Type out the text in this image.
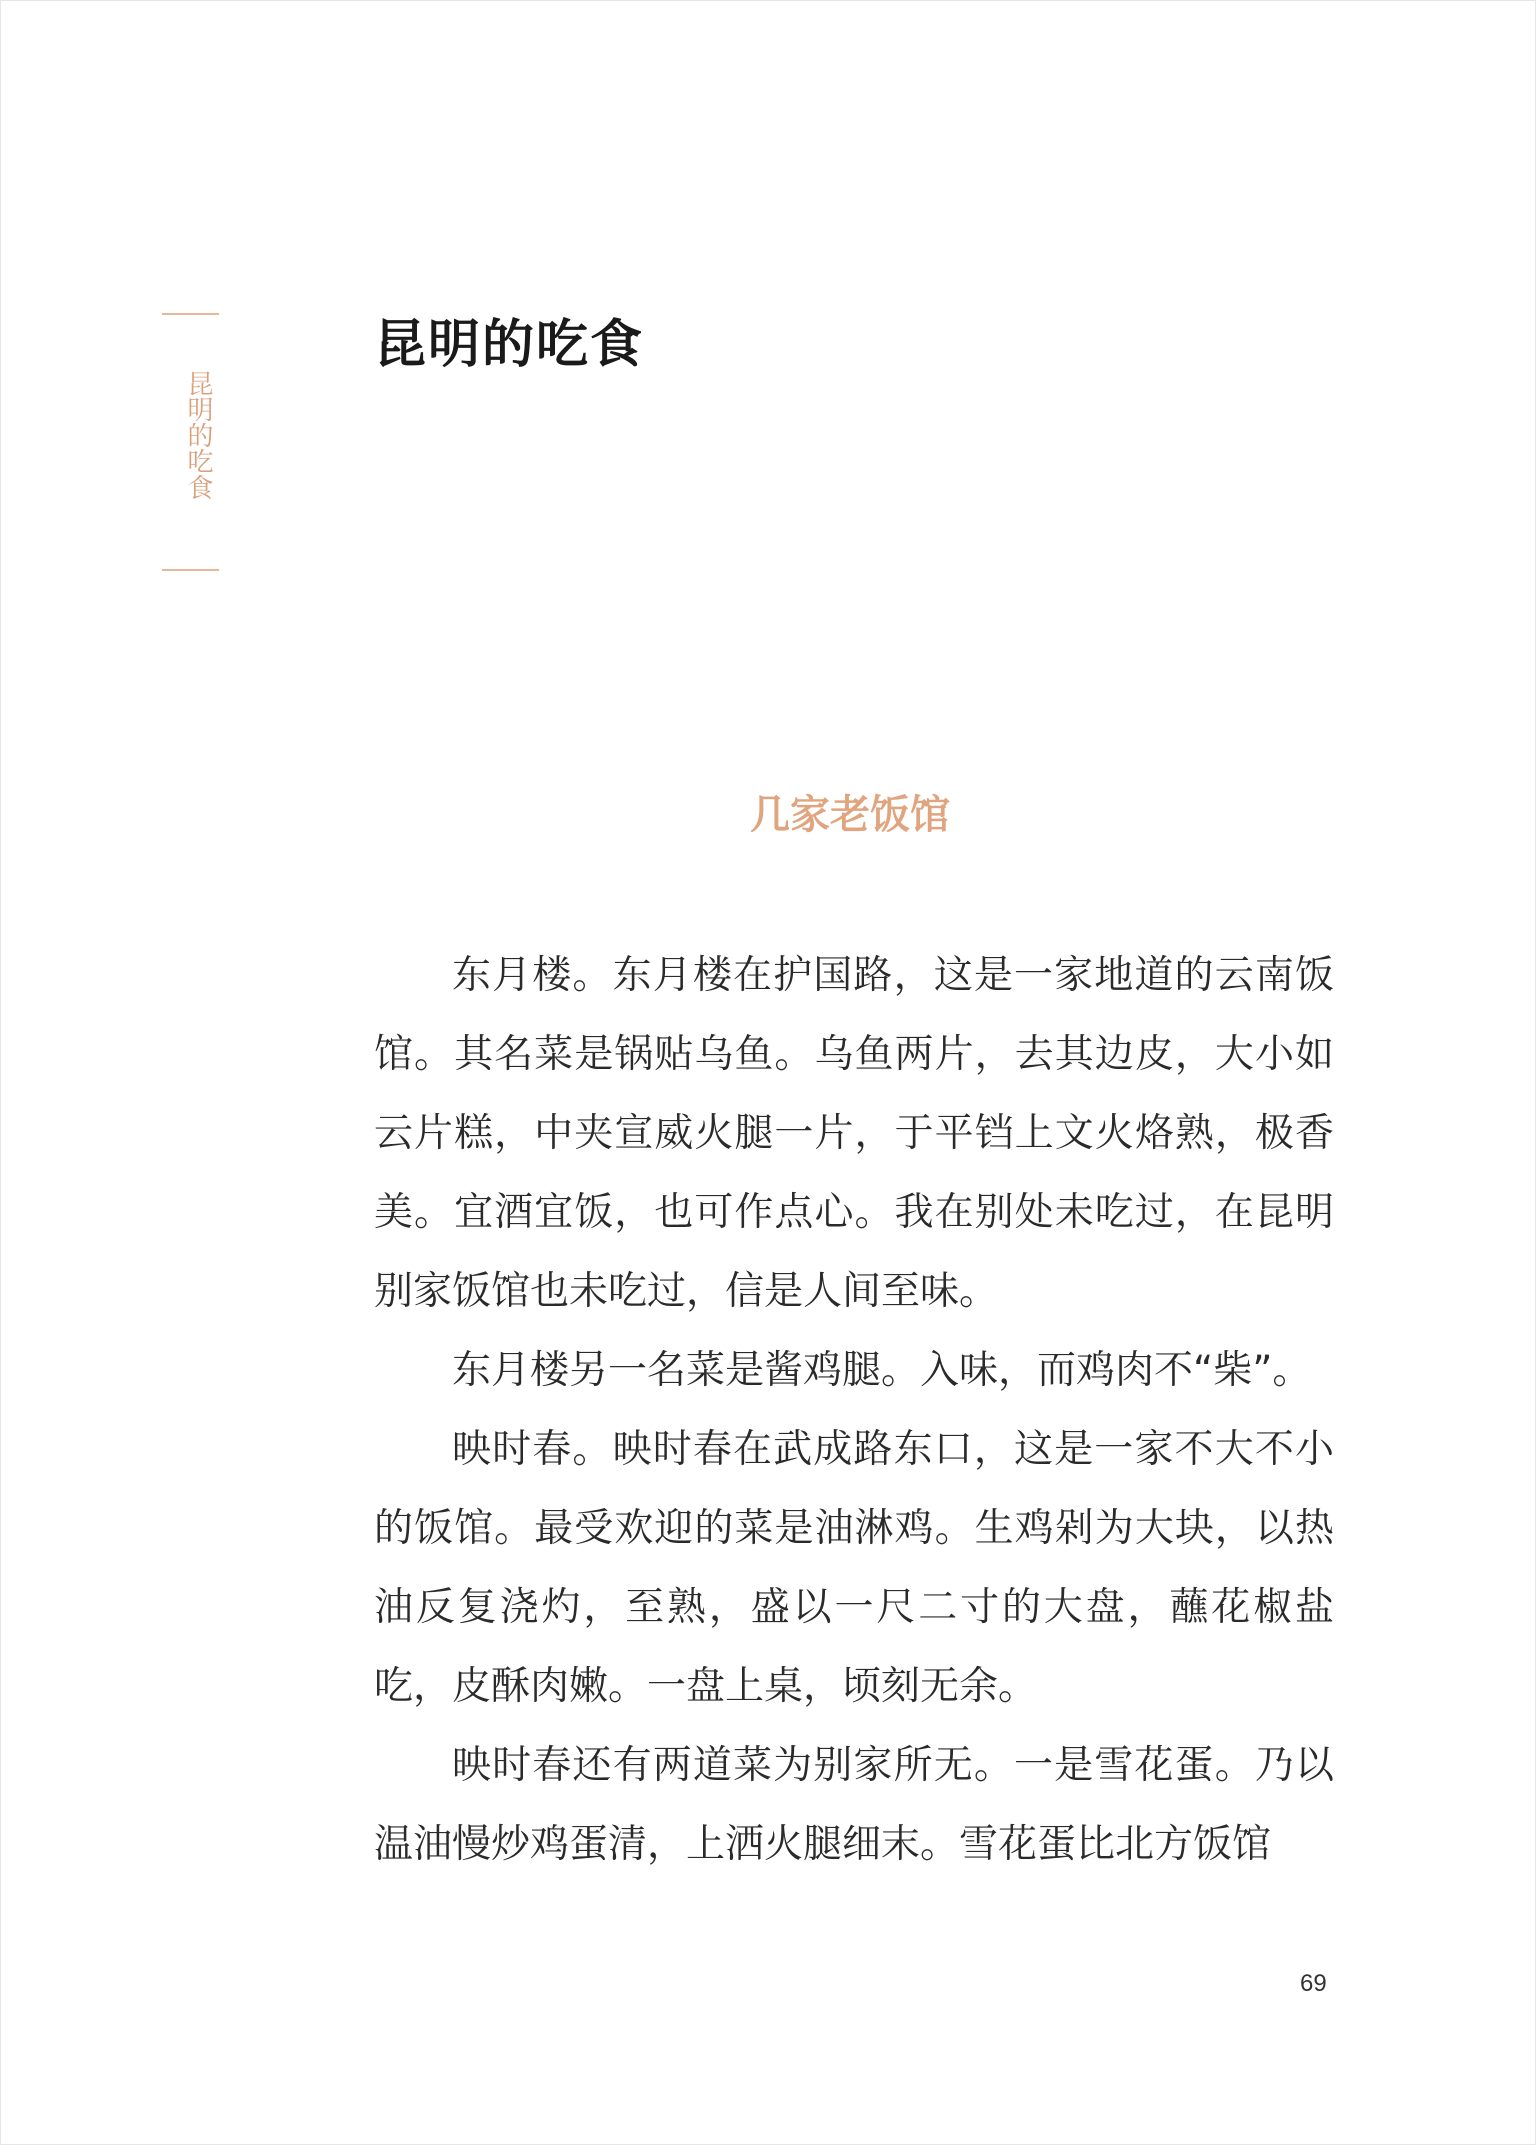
昆明的吃食
昆明的吃食
几家老饭馆

东月楼。东月楼在护国路，这是一家地道的云南饭馆。其名菜是锅贴乌鱼。乌鱼两片，去其边皮，大小如云片糕，中夹宣威火腿一片，于平铛上文火烙熟，极香美。宜酒宜饭，也可作点心。我在别处未吃过，在昆明别家饭馆也未吃过，信是人间至味。

东月楼另一名菜是酱鸡腿。入味，而鸡肉不“柴”。

映时春。映时春在武成路东口，这是一家不大不小的饭馆。最受欢迎的菜是油淋鸡。生鸡剁为大块，以热油反复浇灼，至熟，盛以一尺二寸的大盘，蘸花椒盐吃，皮酥肉嫩。一盘上桌，顷刻无余。

映时春还有两道菜为别家所无。一是雪花蛋。乃以温油慢炒鸡蛋清，上洒火腿细末。雪花蛋比北方饭馆

69
